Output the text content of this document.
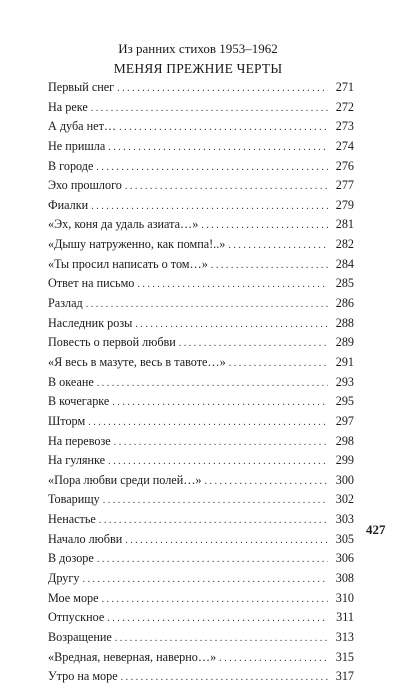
Из ранних стихов 1953–1962
МЕНЯЯ ПРЕЖНИЕ ЧЕРТЫ
Первый снег . . .	271
На реке . . .	272
А дуба нет… . . .	273
Не пришла . . .	274
В городе . . .	276
Эхо прошлого . . .	277
Фиалки . . .	279
«Эх, коня да удаль азиата…» . . .	281
«Дышу натруженно, как помпа!..» . . .	282
«Ты просил написать о том…» . . .	284
Ответ на письмо . . .	285
Разлад . . .	286
Наследник розы . . .	288
Повесть о первой любви . . .	289
«Я весь в мазуте, весь в тавоте…» . . .	291
В океане . . .	293
В кочегарке . . .	295
Шторм . . .	297
На перевозе . . .	298
На гулянке . . .	299
«Пора любви среди полей…» . . .	300
Товарищу . . .	302
Ненастье . . .	303
Начало любви . . .	305
В дозоре . . .	306
Другу . . .	308
Мое море . . .	310
Отпускное . . .	311
Возращение . . .	313
«Вредная, неверная, наверно…» . . .	315
Утро на море . . .	317
427
